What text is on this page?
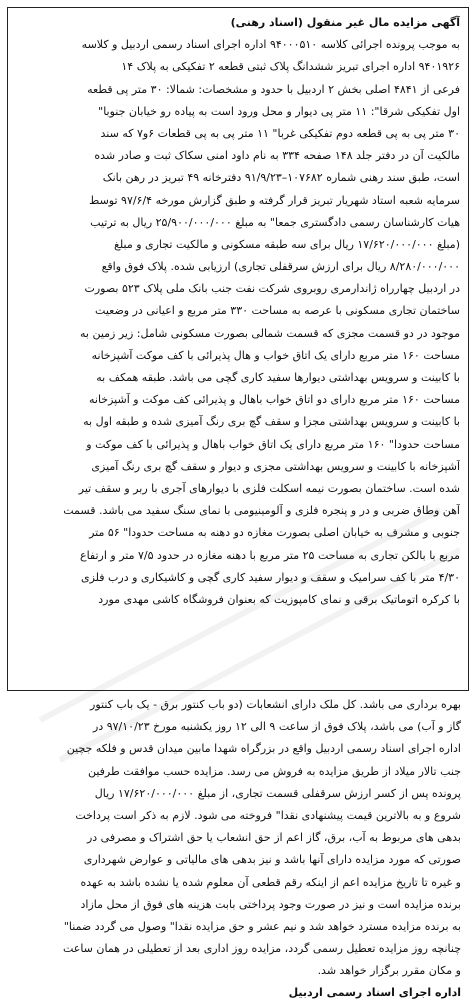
آگهی مزایده مال غیر منقول (اسناد رهنی)
به موجب پرونده اجرائی کلاسه ۹۴۰۰۰۵۱۰ اداره اجرای اسناد رسمی اردبیل و کلاسه
۹۴۰۱۹۲۶ اداره اجرای تبریز ششدانگ پلاک ثبتی قطعه ۲ تفکیکی به پلاک ۱۴
فرعی از ۴۸۴۱ اصلی بخش ۲ اردبیل با حدود و مشخصات: شمالا: ۳۰ متر پی قطعه
اول تفکیکی شرقا": ۱۱ متر پی دیوار و محل ورود است به پیاده رو خیابان جنوبا"
۳۰ متر پی به پی قطعه دوم تفکیکی غربا" ۱۱ متر پی به پی قطعات ۶و۷ که سند
مالکیت آن در دفتر جلد ۱۴۸ صفحه ۳۳۴ به نام داود امنی سکاک ثبت و صادر شده
است، طبق سند رهنی شماره ۱۰۷۶۸۲–۹۱/۹/۲۳ دفترخانه ۴۹ تبریز در رهن بانک
سرمایه شعبه استاد شهریار تبریز قرار گرفته و طبق گزارش مورخه ۹۷/۶/۴ توسط
هیات کارشناسان رسمی دادگستری جمعا" به مبلغ ۲۵/۹۰۰/۰۰۰/۰۰۰ ریال به ترتیب
(مبلغ ۱۷/۶۲۰/۰۰۰/۰۰۰ ریال برای سه طبقه مسکونی و مالکیت تجاری و مبلغ
۸/۲۸۰/۰۰۰/۰۰۰ ریال برای ارزش سرقفلی تجاری) ارزیابی شده. پلاک فوق واقع
در اردبیل چهارراه ژاندارمری روبروی شرکت نفت جنب بانک ملی پلاک ۵۲۳ بصورت
ساختمان تجاری مسکونی با عرصه به مساحت ۳۳۰ متر مربع و اعیانی در وضعیت
موجود در دو قسمت مجزی که قسمت شمالی بصورت مسکونی شامل: زیر زمین به
مساحت ۱۶۰ متر مربع دارای یک اتاق خواب و هال پذیرائی با کف موکت آشپزخانه
با کابینت و سرویس بهداشتی دیوارها سفید کاری گچی می باشد. طبقه همکف به
مساحت ۱۶۰ متر مربع دارای دو اتاق خواب باهال و پذیرائی کف موکت و آشپزخانه
با کابینت و سرویس بهداشتی مجزا و سقف گچ بری رنگ آمیزی شده و طبقه اول به
مساحت حدودا" ۱۶۰ متر مربع دارای یک اتاق خواب باهال و پذیرائی با کف موکت و
آشپزخانه با کابینت و سرویس بهداشتی مجزی و دیوار و سقف گچ بری رنگ آمیزی
شده است. ساختمان بصورت نیمه اسکلت فلزی با دیوارهای آجری با ربر و سقف تیر
آهن وطاق ضربی و در و پنجره فلزی و آلومینیومی با نمای سنگ سفید می باشد. قسمت
جنوبی و مشرف به خیابان اصلی بصورت مغازه دو دهنه به مساحت حدودا" ۵۶ متر
مربع با بالکن تجاری به مساحت ۲۵ متر مربع با دهنه مغازه در حدود ۷/۵ متر و ارتفاع
۴/۳۰ متر با کف سرامیک و سقف و دیوار سفید کاری گچی و کاشیکاری و درب فلزی
با کرکره اتوماتیک برقی و نمای کامپوزیت که بعنوان فروشگاه کاشی مهدی مورد
بهره برداری می باشد. کل ملک دارای انشعابات (دو باب کنتور برق - یک باب کنتور
گاز و آب) می باشد، پلاک فوق از ساعت ۹ الی ۱۲ روز یکشنبه مورخ ۹۷/۱۰/۲۳ در
اداره اجرای اسناد رسمی اردبیل واقع در بزرگراه شهدا مابین میدان قدس و فلکه جچین
جنب تالار میلاد از طریق مزایده به فروش می رسد. مزایده حسب موافقت طرفین
پرونده پس از کسر ارزش سرقفلی قسمت تجاری، از مبلغ ۱۷/۶۲۰/۰۰۰/۰۰۰ ریال
شروع و به بالاترین قیمت پیشنهادی نقدا" فروخته می شود. لازم به ذکر است پرداخت
بدهی های مربوط به آب، برق، گاز اعم از حق انشعاب یا حق اشتراک و مصرفی در
صورتی که مورد مزایده دارای آنها باشد و نیز بدهی های مالیاتی و عوارض شهرداری
و غیره تا تاریخ مزایده اعم از اینکه رقم قطعی آن معلوم شده یا نشده باشد به عهده
برنده مزایده است و نیز در صورت وجود پرداختی بابت هزینه های فوق از محل مازاد
به برنده مزایده مسترد خواهد شد و نیم عشر و حق مزایده نقدا" وصول می گردد ضمنا"
چنانچه روز مزایده تعطیل رسمی گردد، مزایده روز اداری بعد از تعطیلی در همان ساعت
و مکان مقرر برگزار خواهد شد.
اداره اجرای اسناد رسمی اردبیل
